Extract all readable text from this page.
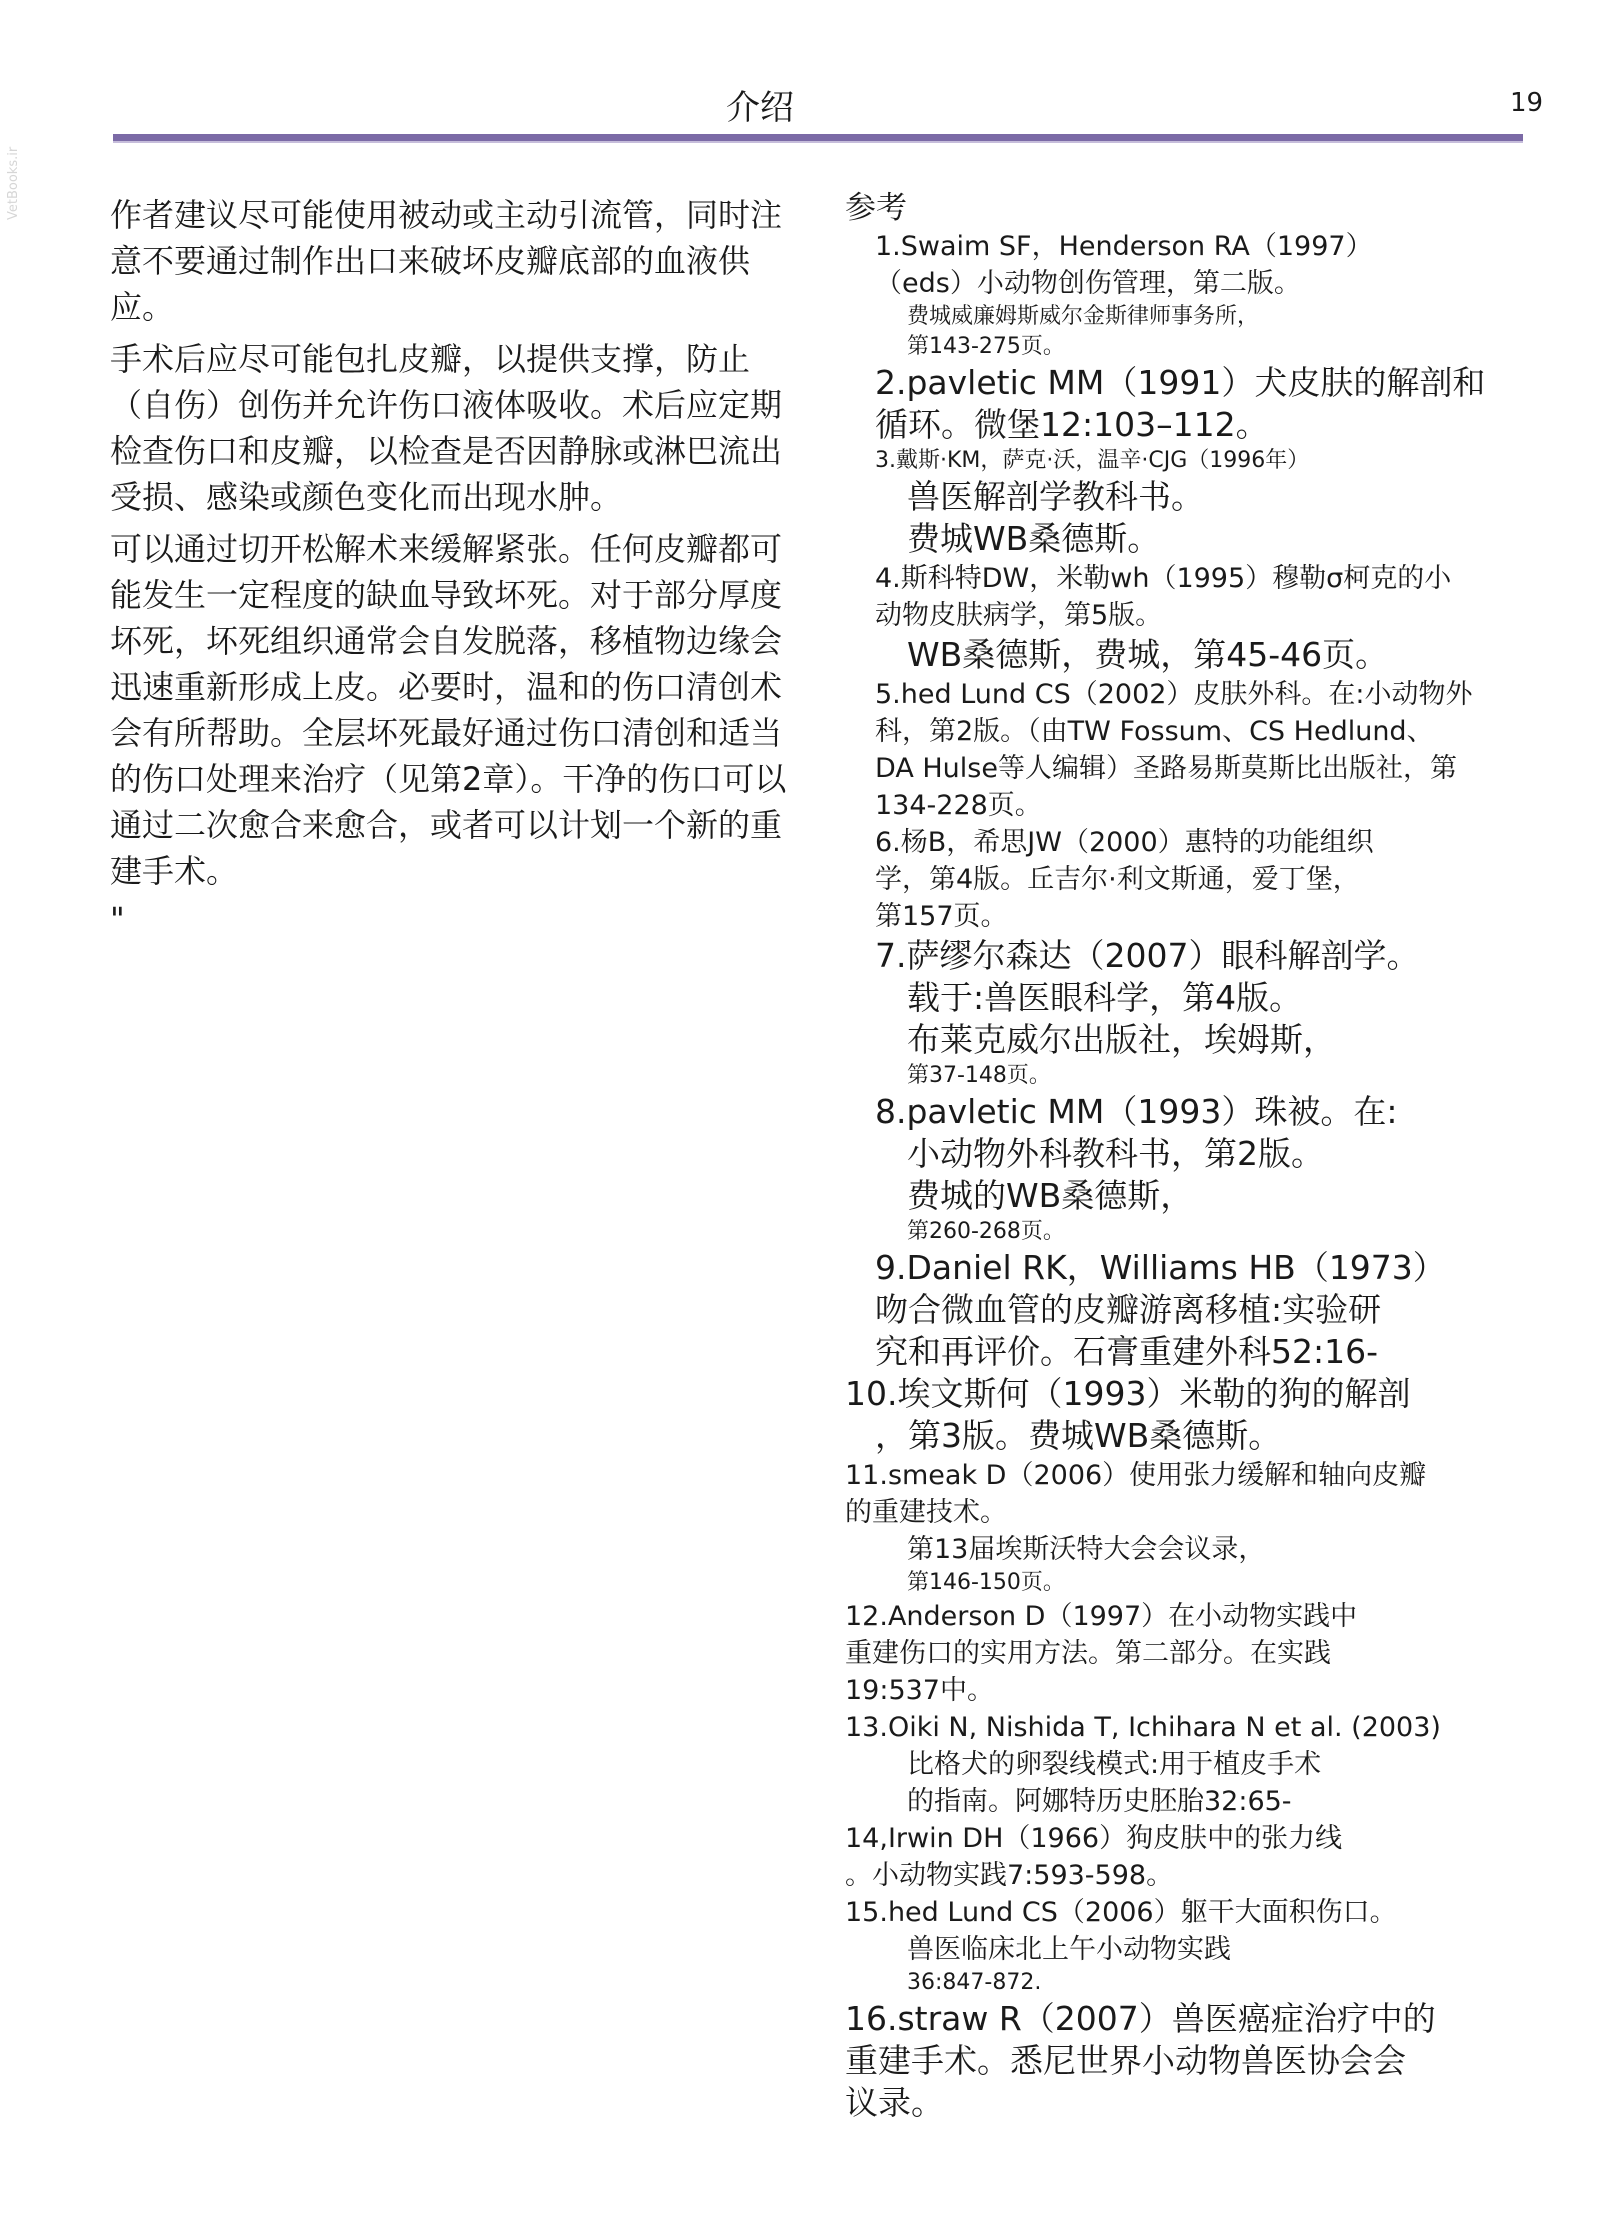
介绍	19
VetBooks.ir	作者建议尽可能使用被动或主动引流管，同时注意不要通过制作出口来破坏皮瓣底部的血液供应。

手术后应尽可能包扎皮瓣，以提供支撑，防止（自伤）创伤并允许伤口液体吸收。术后应定期检查伤口和皮瓣，以检查是否因静脉或淋巴流出受损、感染或颜色变化而出现水肿。

可以通过切开松解术来缓解紧张。任何皮瓣都可能发生一定程度的缺血导致坏死。对于部分厚度坏死，坏死组织通常会自发脱落，移植物边缘会迅速重新形成上皮。必要时，温和的伤口清创术会有所帮助。全层坏死最好通过伤口清创和适当的伤口处理来治疗（见第2章）。干净的伤口可以通过二次愈合来愈合，或者可以计划一个新的重建手术。

"
参考
1.Swaim SF，Henderson RA（1997）
（eds）小动物创伤管理，第二版。
费城威廉姆斯威尔金斯律师事务所，
第143-275页。
2.pavletic MM（1991）犬皮肤的解剖和
循环。微堡12:103–112。
3.戴斯·KM，萨克·沃，温辛·CJG（1996年）
兽医解剖学教科书。
费城WB桑德斯。
4.斯科特DW，米勒wh（1995）穆勒σ柯克的小
动物皮肤病学，第5版。
WB桑德斯，费城，第45-46页。
5.hed Lund CS（2002）皮肤外科。在:小动物外
科，第2版。（由TW Fossum、CS Hedlund、
DA Hulse等人编辑）圣路易斯莫斯比出版社，第
134-228页。
6.杨B，希思JW（2000）惠特的功能组织
学，第4版。丘吉尔·利文斯通，爱丁堡，
第157页。
7.萨缪尔森达（2007）眼科解剖学。
载于:兽医眼科学，第4版。
布莱克威尔出版社，埃姆斯，
第37-148页。
8.pavletic MM（1993）珠被。在:
小动物外科教科书，第2版。
费城的WB桑德斯，
第260-268页。
9.Daniel RK，Williams HB（1973）
吻合微血管的皮瓣游离移植:实验研
究和再评价。石膏重建外科52:16-
10.埃文斯何（1993）米勒的狗的解剖
，第3版。费城WB桑德斯。
11.smeak D（2006）使用张力缓解和轴向皮瓣
的重建技术。
第13届埃斯沃特大会会议录，
第146-150页。
12.Anderson D（1997）在小动物实践中
重建伤口的实用方法。第二部分。在实践
19:537中。
13.Oiki N, Nishida T, Ichihara N et al. (2003)
比格犬的卵裂线模式:用于植皮手术
的指南。阿娜特历史胚胎32:65-
14,Irwin DH（1966）狗皮肤中的张力线
。小动物实践7:593-598。
15.hed Lund CS（2006）躯干大面积伤口。
兽医临床北上午小动物实践
36:847-872.
16.straw R（2007）兽医癌症治疗中的
重建手术。悉尼世界小动物兽医协会会
议录。
